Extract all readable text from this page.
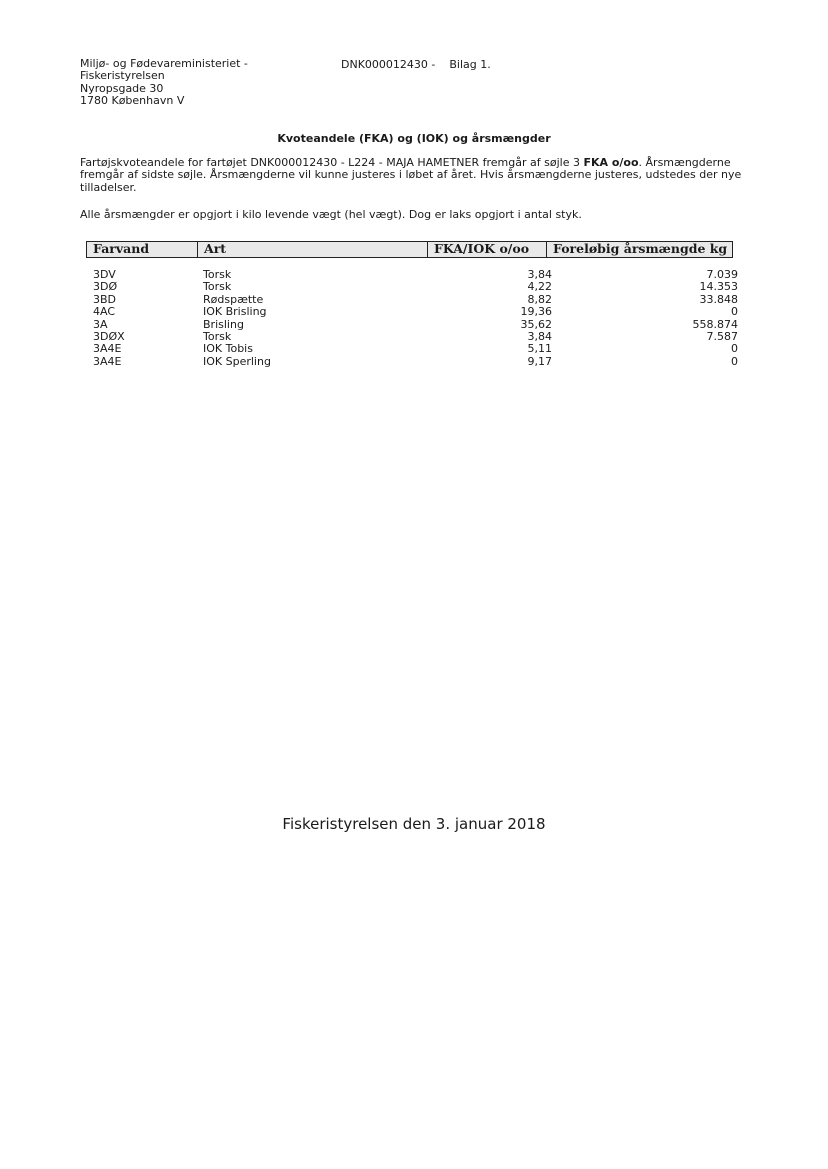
Miljø- og Fødevareministeriet -
Fiskeristyrelsen
Nyropsgade 30
1780 København V
DNK000012430 - Bilag 1.
Kvoteandele (FKA) og (IOK) og årsmængder
Fartøjskvoteandele for fartøjet DNK000012430 - L224 - MAJA HAMETNER fremgår af søjle 3 FKA o/oo. Årsmængderne fremgår af sidste søjle. Årsmængderne vil kunne justeres i løbet af året. Hvis årsmængderne justeres, udstedes der nye tilladelser.
Alle årsmængder er opgjort i kilo levende vægt (hel vægt). Dog er laks opgjort i antal styk.
Farvand	Art	FKA/IOK o/oo	Foreløbig årsmængde kg
3DV	Torsk	3,84	7.039
3DØ	Torsk	4,22	14.353
3BD	Rødspætte	8,82	33.848
4AC	IOK Brisling	19,36	0
3A	Brisling	35,62	558.874
3DØX	Torsk	3,84	7.587
3A4E	IOK Tobis	5,11	0
3A4E	IOK Sperling	9,17	0
Fiskeristyrelsen den 3. januar 2018
